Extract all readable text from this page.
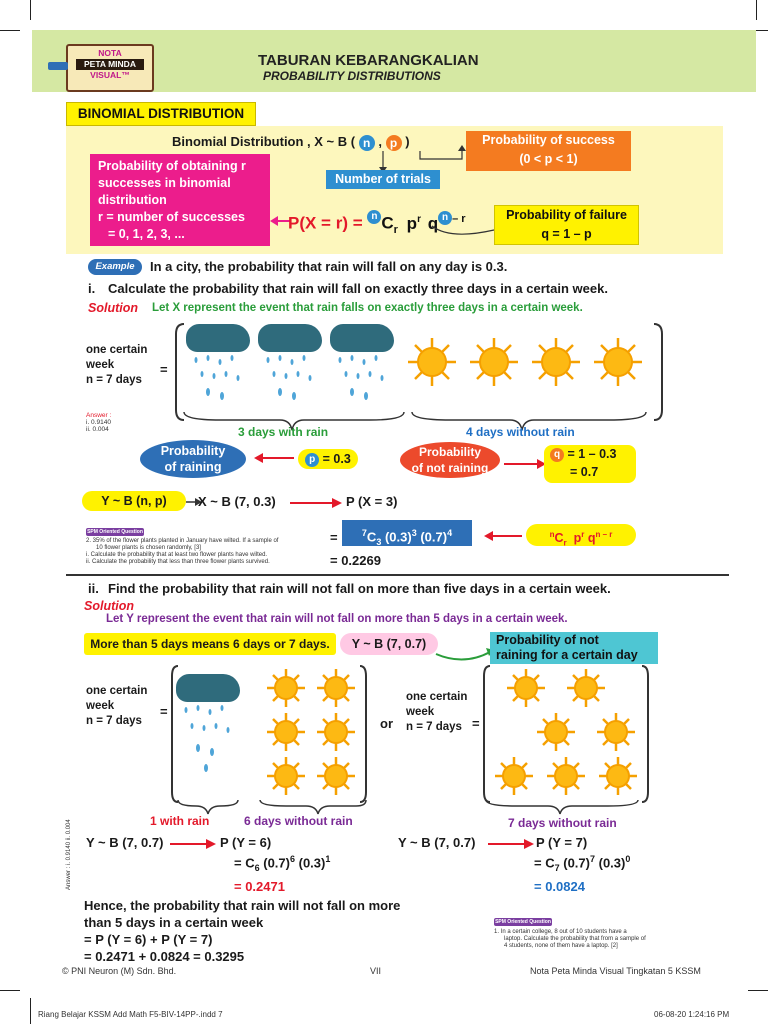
NOTA
PETA MINDA
VISUAL™
TABURAN KEBARANGKALIAN
PROBABILITY DISTRIBUTIONS
BINOMIAL DISTRIBUTION
Binomial Distribution , X ~ B ( n , p )	Probability of success
(0 < p < 1)
Number of trials
Probability of obtaining r
successes in binomial
distribution
r = number of successes
= 0, 1, 2, 3, ...
P(X = r) = n $C_r$ $p^r$ q $^{n - r}$	Probability of failure
q = 1 – p
Example	In a city, the probability that rain will fall on any day is 0.3.
i. Calculate the probability that rain will fall on exactly three days in a certain week.
Solution Let X represent the event that rain falls on exactly three days in a certain week.
one certain
week
n = 7 days
=
Answer :
i. 0.9140
ii. 0.004	3 days with rain	4 days without rain
Probability
of raining
p = 0.3	Probability
of not raining
q = 1 – 0.3
= 0.7
Y ~ B (n, p)	X ~ B (7, 0.3)	P (X = 3)
SPM Oriented Question
2. 35% of the flower plants planted in January have wilted. If a sample of
10 flower plants is chosen randomly, [3]
i. Calculate the probability that at least two flower plants have wilted.
ii. Calculate the probability that less than three flower plants survived.
=	$^7C_3$ $(0.3)^3$ $(0.7)^4$	$^nC_r$  $p^r$ $q^{n - r}$
= 0.2269
ii. Find the probability that rain will not fall on more than five days in a certain week.
Solution
Let Y represent the event that rain will not fall on more than 5 days in a certain week.
More than 5 days means 6 days or 7 days.	Y ~ B (7, 0.7)	Probability of not
raining for a certain day
one certain
week
n = 7 days
=
or
one certain
week
n = 7 days =
1 with rain	6 days without rain	7 days without rain
Y ~ B (7, 0.7)	P (Y = 6)
= $C_6$ $(0.7)^6$ $(0.3)^1$
= 0.2471
Answer : i. 0.9140 ii. 0.004	Y ~ B (7, 0.7)	P (Y = 7)
= $C_7$ $(0.7)^7$ $(0.3)^0$
= 0.0824
Hence, the probability that rain will not fall on more
than 5 days in a certain week
= P (Y = 6) + P (Y = 7)
= 0.2471 + 0.0824 = 0.3295
SPM Oriented Question
1. In a certain college, 8 out of 10 students have a
laptop. Calculate the probability that from a sample of
4 students, none of them have a laptop. [2]
© PNI Neuron (M) Sdn. Bhd.	VII	Nota Peta Minda Visual Tingkatan 5 KSSM
Riang Belajar KSSM Add Math F5-BIV-14PP-.indd 7	06-08-20 1:24:16 PM
